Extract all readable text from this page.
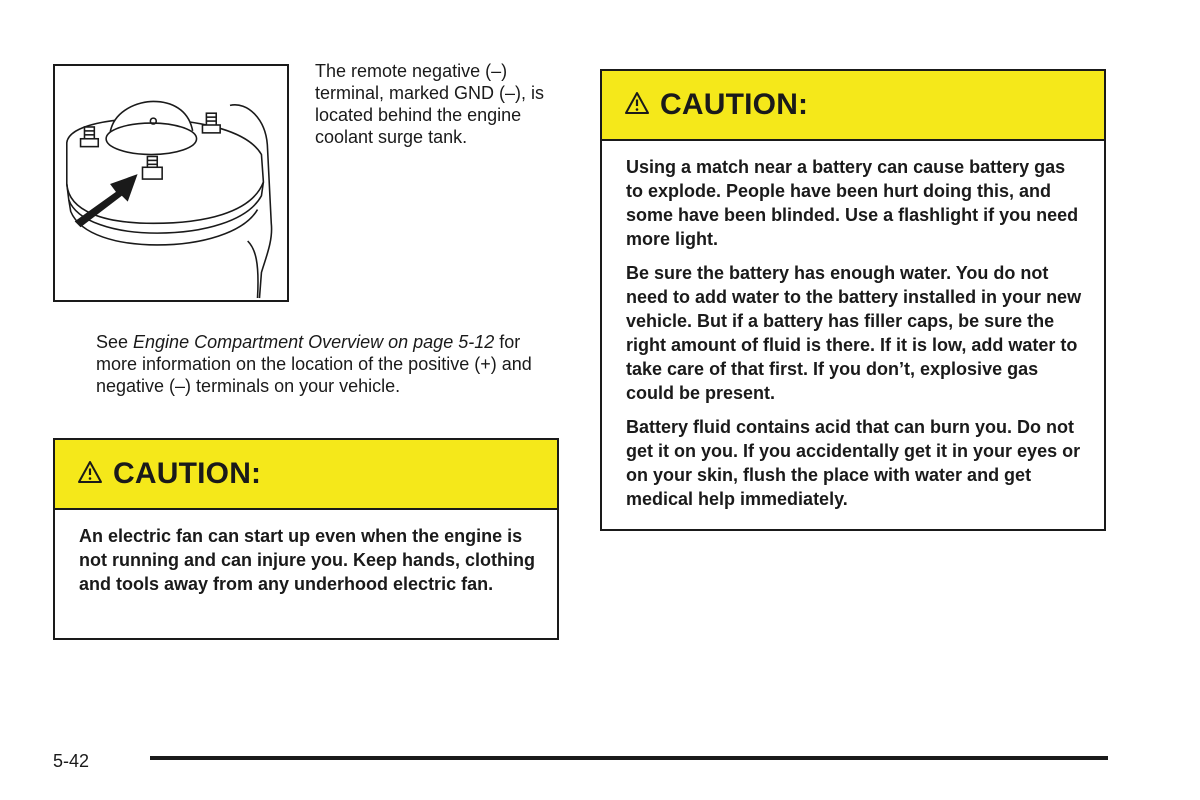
The remote negative (–) terminal, marked GND (–), is located behind the engine coolant surge tank.

See Engine Compartment Overview on page 5-12 for more information on the location of the positive (+) and negative (–) terminals on your vehicle.

CAUTION:

An electric fan can start up even when the engine is not running and can injure you. Keep hands, clothing and tools away from any underhood electric fan.

CAUTION:

Using a match near a battery can cause battery gas to explode. People have been hurt doing this, and some have been blinded. Use a flashlight if you need more light.

Be sure the battery has enough water. You do not need to add water to the battery installed in your new vehicle. But if a battery has filler caps, be sure the right amount of fluid is there. If it is low, add water to take care of that first. If you don’t, explosive gas could be present.

Battery fluid contains acid that can burn you. Do not get it on you. If you accidentally get it in your eyes or on your skin, flush the place with water and get medical help immediately.

5-42
